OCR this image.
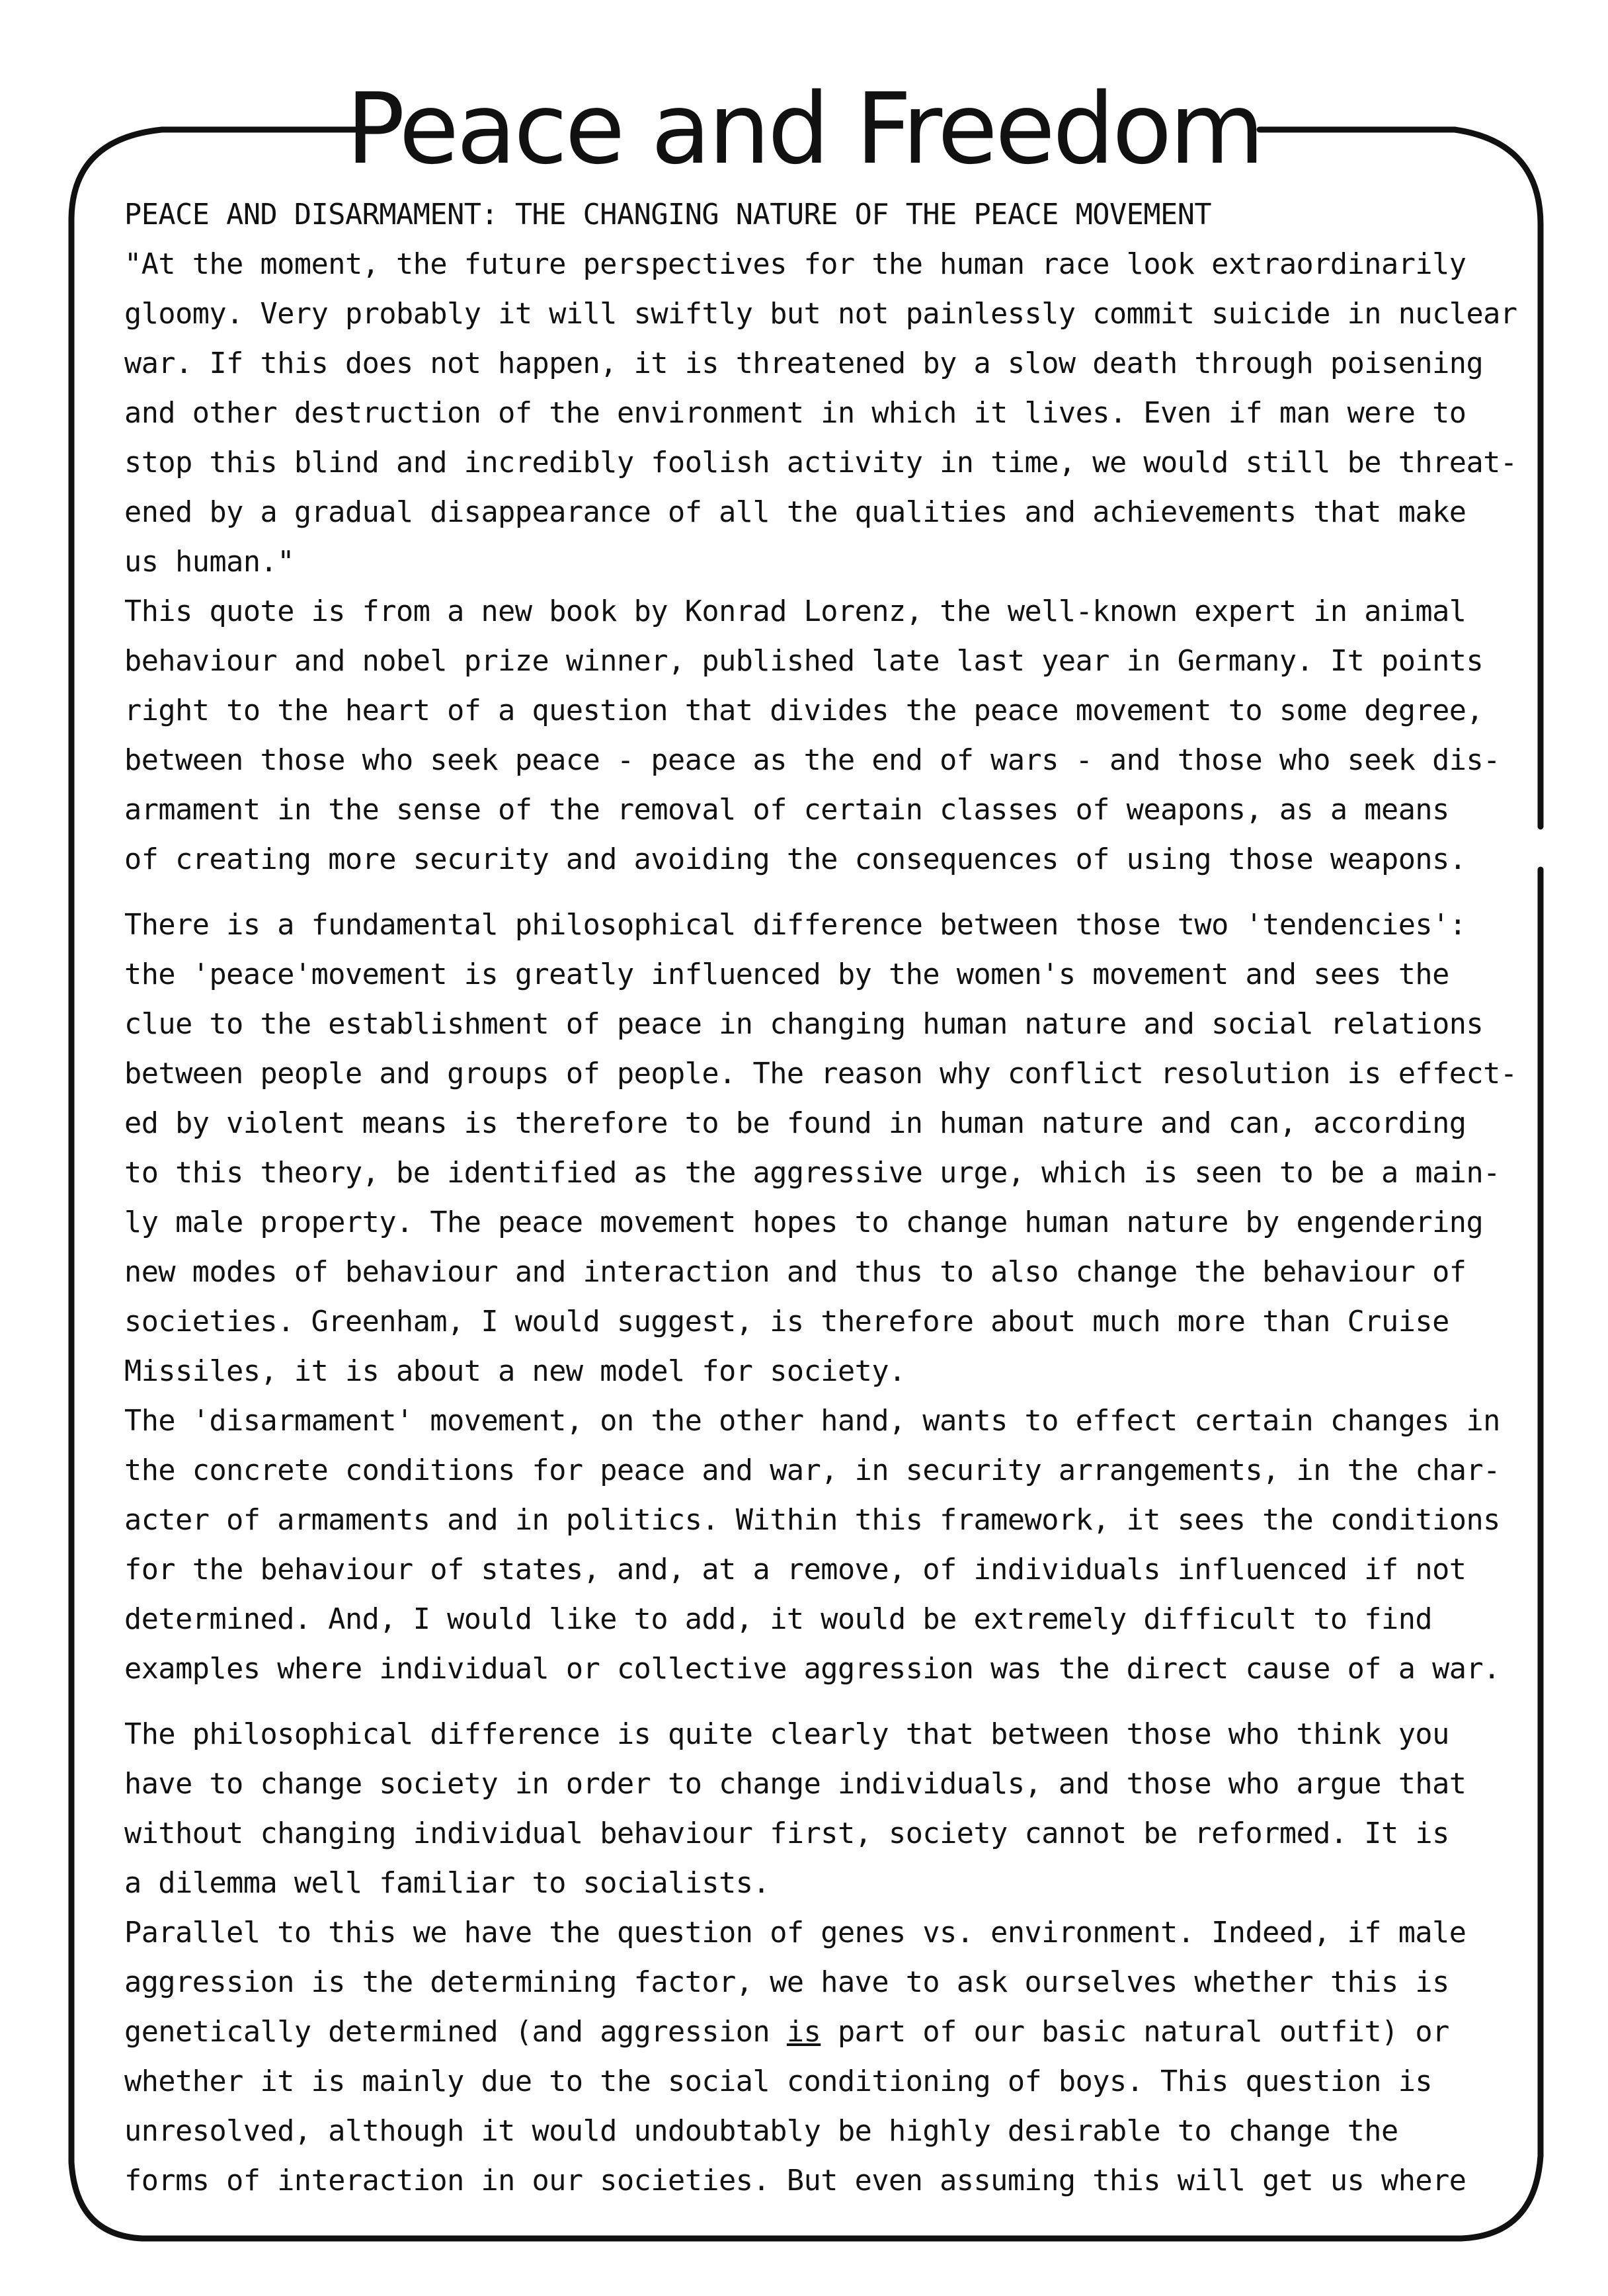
Peace and Freedom
PEACE AND DISARMAMENT: THE CHANGING NATURE OF THE PEACE MOVEMENT
"At the moment, the future perspectives for the human race look extraordinarily
gloomy. Very probably it will swiftly but not painlessly commit suicide in nuclear
war. If this does not happen, it is threatened by a slow death through poisening
and other destruction of the environment in which it lives. Even if man were to
stop this blind and incredibly foolish activity in time, we would still be threat-
ened by a gradual disappearance of all the qualities and achievements that make
us human."
This quote is from a new book by Konrad Lorenz, the well-known expert in animal
behaviour and nobel prize winner, published late last year in Germany. It points
right to the heart of a question that divides the peace movement to some degree,
between those who seek peace - peace as the end of wars - and those who seek dis-
armament in the sense of the removal of certain classes of weapons, as a means
of creating more security and avoiding the consequences of using those weapons.
There is a fundamental philosophical difference between those two 'tendencies':
the 'peace'movement is greatly influenced by the women's movement and sees the
clue to the establishment of peace in changing human nature and social relations
between people and groups of people. The reason why conflict resolution is effect-
ed by violent means is therefore to be found in human nature and can, according
to this theory, be identified as the aggressive urge, which is seen to be a main-
ly male property. The peace movement hopes to change human nature by engendering
new modes of behaviour and interaction and thus to also change the behaviour of
societies. Greenham, I would suggest, is therefore about much more than Cruise
Missiles, it is about a new model for society.
The 'disarmament' movement, on the other hand, wants to effect certain changes in
the concrete conditions for peace and war, in security arrangements, in the char-
acter of armaments and in politics. Within this framework, it sees the conditions
for the behaviour of states, and, at a remove, of individuals influenced if not
determined. And, I would like to add, it would be extremely difficult to find
examples where individual or collective aggression was the direct cause of a war.
The philosophical difference is quite clearly that between those who think you
have to change society in order to change individuals, and those who argue that
without changing individual behaviour first, society cannot be reformed. It is
a dilemma well familiar to socialists.
Parallel to this we have the question of genes vs. environment. Indeed, if male
aggression is the determining factor, we have to ask ourselves whether this is
genetically determined (and aggression is part of our basic natural outfit) or
whether it is mainly due to the social conditioning of boys. This question is
unresolved, although it would undoubtably be highly desirable to change the
forms of interaction in our societies. But even assuming this will get us where
